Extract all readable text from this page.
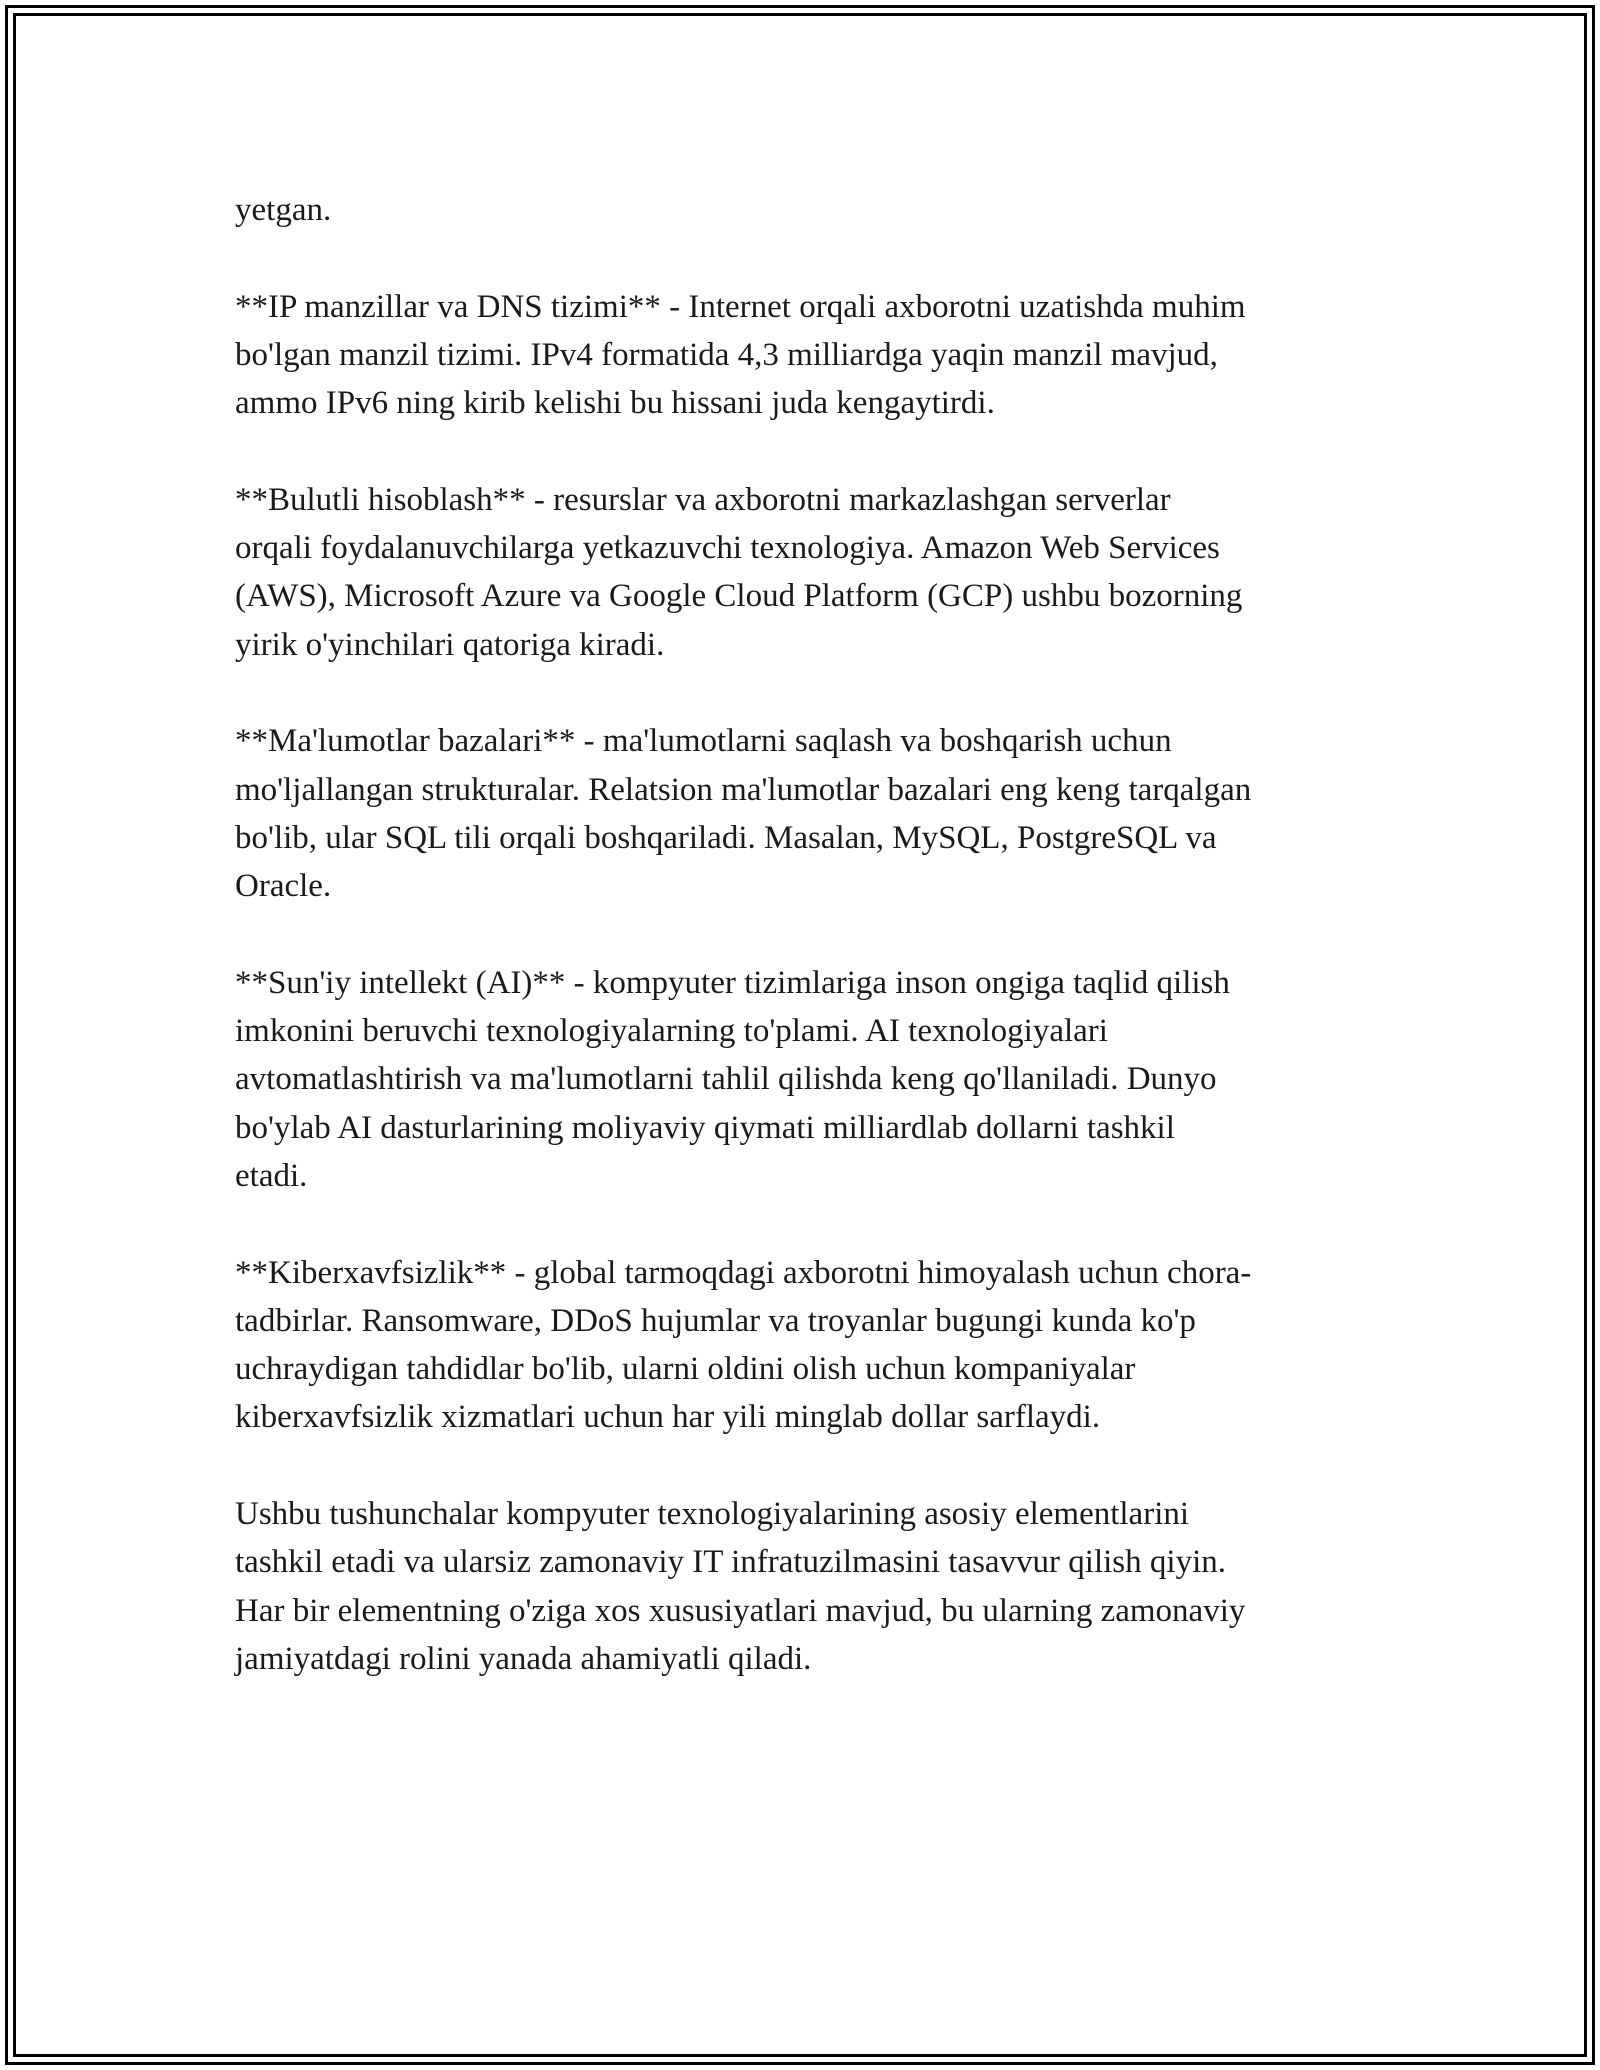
yetgan.

**IP manzillar va DNS tizimi** - Internet orqali axborotni uzatishda muhim
bo'lgan manzil tizimi. IPv4 formatida 4,3 milliardga yaqin manzil mavjud,
ammo IPv6 ning kirib kelishi bu hissani juda kengaytirdi.

**Bulutli hisoblash** - resurslar va axborotni markazlashgan serverlar
orqali foydalanuvchilarga yetkazuvchi texnologiya. Amazon Web Services
(AWS), Microsoft Azure va Google Cloud Platform (GCP) ushbu bozorning
yirik o'yinchilari qatoriga kiradi.

**Ma'lumotlar bazalari** - ma'lumotlarni saqlash va boshqarish uchun
mo'ljallangan strukturalar. Relatsion ma'lumotlar bazalari eng keng tarqalgan
bo'lib, ular SQL tili orqali boshqariladi. Masalan, MySQL, PostgreSQL va
Oracle.

**Sun'iy intellekt (AI)** - kompyuter tizimlariga inson ongiga taqlid qilish
imkonini beruvchi texnologiyalarning to'plami. AI texnologiyalari
avtomatlashtirish va ma'lumotlarni tahlil qilishda keng qo'llaniladi. Dunyo
bo'ylab AI dasturlarining moliyaviy qiymati milliardlab dollarni tashkil
etadi.

**Kiberxavfsizlik** - global tarmoqdagi axborotni himoyalash uchun chora-
tadbirlar. Ransomware, DDoS hujumlar va troyanlar bugungi kunda ko'p
uchraydigan tahdidlar bo'lib, ularni oldini olish uchun kompaniyalar
kiberxavfsizlik xizmatlari uchun har yili minglab dollar sarflaydi.

Ushbu tushunchalar kompyuter texnologiyalarining asosiy elementlarini
tashkil etadi va ularsiz zamonaviy IT infratuzilmasini tasavvur qilish qiyin.
Har bir elementning o'ziga xos xususiyatlari mavjud, bu ularning zamonaviy
jamiyatdagi rolini yanada ahamiyatli qiladi.
